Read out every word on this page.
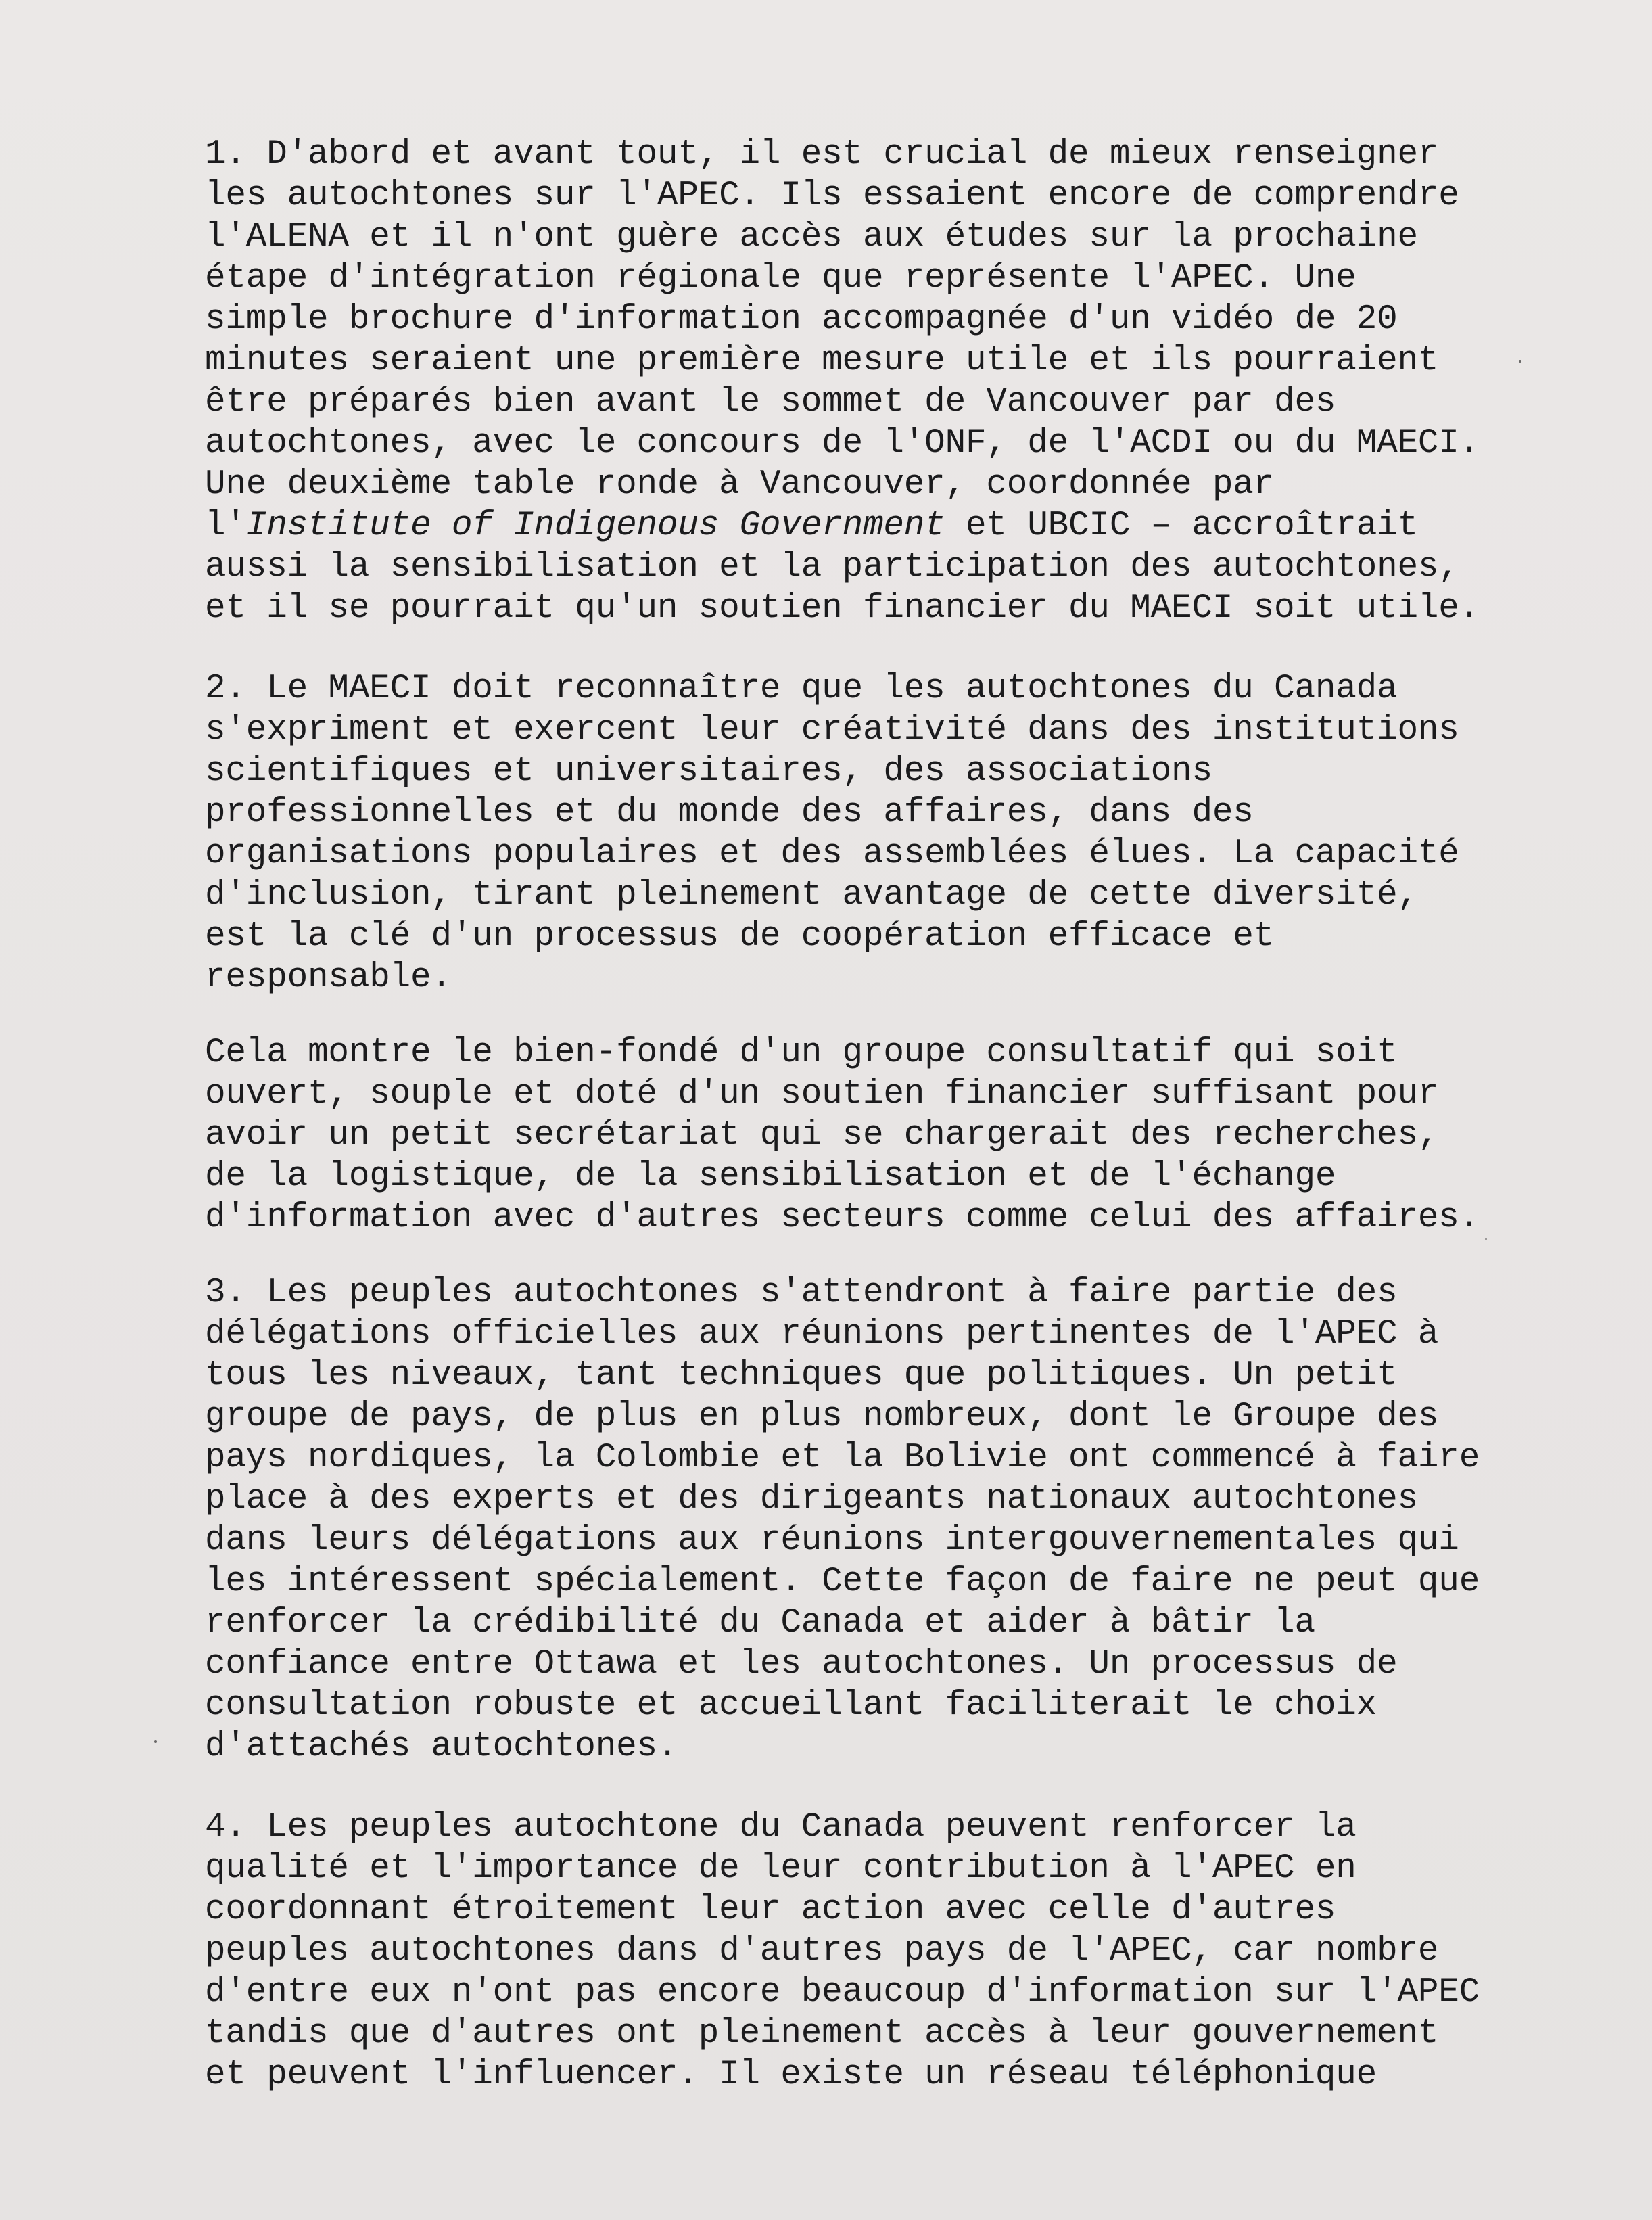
1. D'abord et avant tout, il est crucial de mieux renseigner
les autochtones sur l'APEC. Ils essaient encore de comprendre
l'ALENA et il n'ont guère accès aux études sur la prochaine
étape d'intégration régionale que représente l'APEC. Une
simple brochure d'information accompagnée d'un vidéo de 20
minutes seraient une première mesure utile et ils pourraient
être préparés bien avant le sommet de Vancouver par des
autochtones, avec le concours de l'ONF, de l'ACDI ou du MAECI.
Une deuxième table ronde à Vancouver, coordonnée par
l'Institute of Indigenous Government et UBCIC – accroîtrait
aussi la sensibilisation et la participation des autochtones,
et il se pourrait qu'un soutien financier du MAECI soit utile.
2. Le MAECI doit reconnaître que les autochtones du Canada
s'expriment et exercent leur créativité dans des institutions
scientifiques et universitaires, des associations
professionnelles et du monde des affaires, dans des
organisations populaires et des assemblées élues. La capacité
d'inclusion, tirant pleinement avantage de cette diversité,
est la clé d'un processus de coopération efficace et
responsable.
Cela montre le bien-fondé d'un groupe consultatif qui soit
ouvert, souple et doté d'un soutien financier suffisant pour
avoir un petit secrétariat qui se chargerait des recherches,
de la logistique, de la sensibilisation et de l'échange
d'information avec d'autres secteurs comme celui des affaires.
3. Les peuples autochtones s'attendront à faire partie des
délégations officielles aux réunions pertinentes de l'APEC à
tous les niveaux, tant techniques que politiques. Un petit
groupe de pays, de plus en plus nombreux, dont le Groupe des
pays nordiques, la Colombie et la Bolivie ont commencé à faire
place à des experts et des dirigeants nationaux autochtones
dans leurs délégations aux réunions intergouvernementales qui
les intéressent spécialement. Cette façon de faire ne peut que
renforcer la crédibilité du Canada et aider à bâtir la
confiance entre Ottawa et les autochtones. Un processus de
consultation robuste et accueillant faciliterait le choix
d'attachés autochtones.
4. Les peuples autochtone du Canada peuvent renforcer la
qualité et l'importance de leur contribution à l'APEC en
coordonnant étroitement leur action avec celle d'autres
peuples autochtones dans d'autres pays de l'APEC, car nombre
d'entre eux n'ont pas encore beaucoup d'information sur l'APEC
tandis que d'autres ont pleinement accès à leur gouvernement
et peuvent l'influencer. Il existe un réseau téléphonique
